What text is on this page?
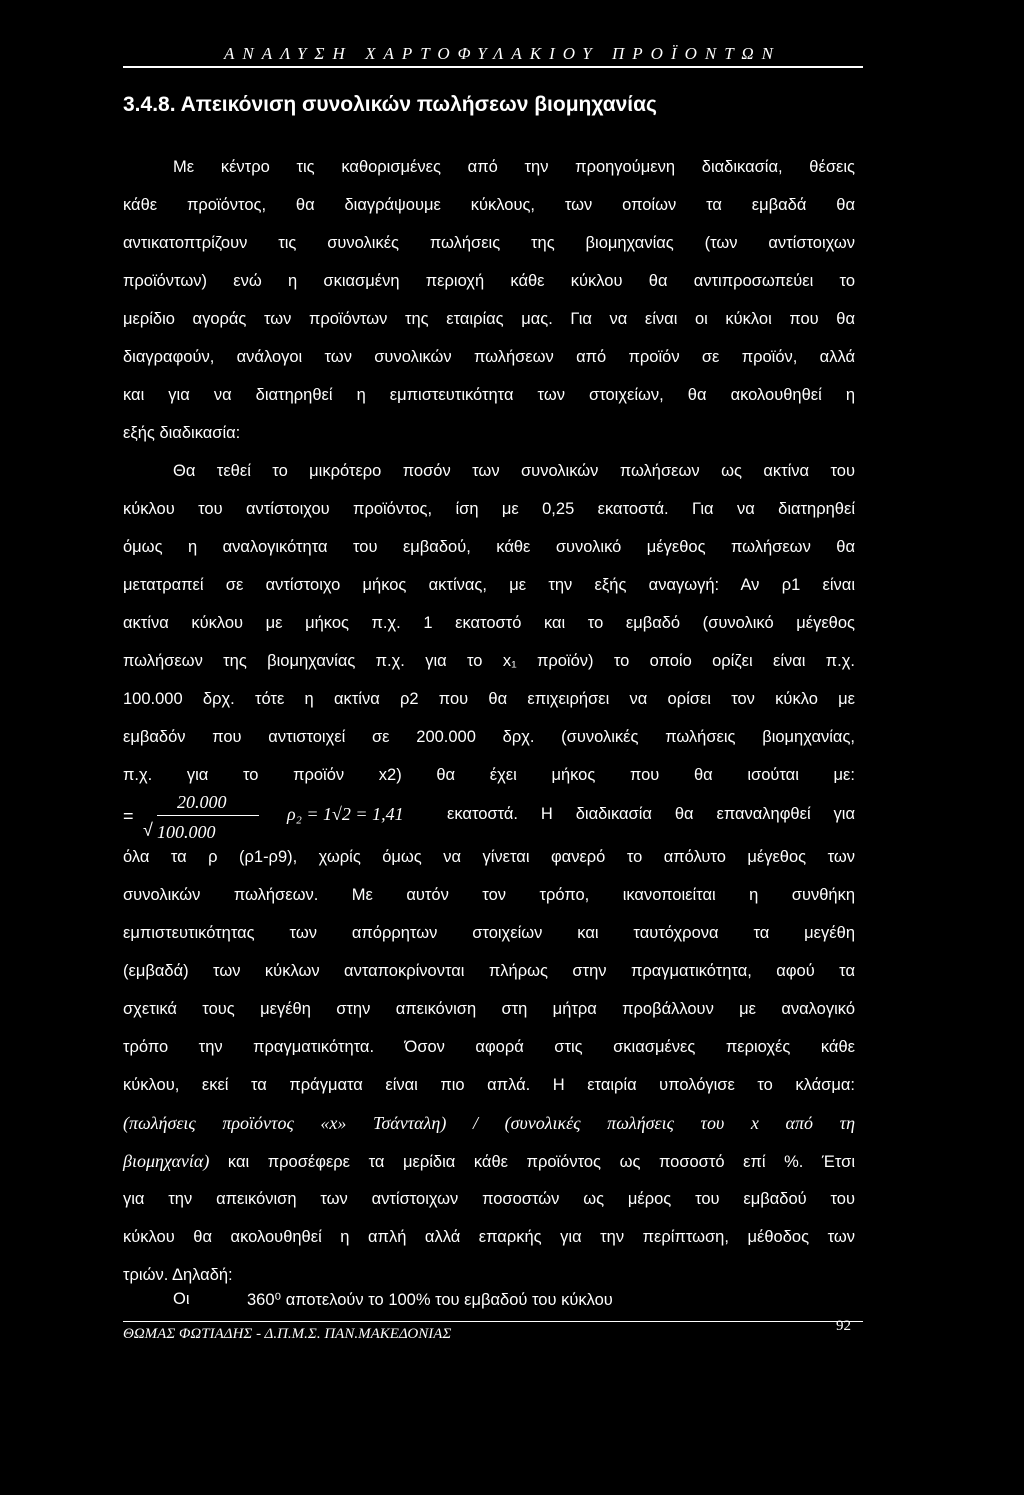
ΑΝΑΛΥΣΗ ΧΑΡΤΟΦΥΛΑΚΙΟΥ ΠΡΟΪΟΝΤΩΝ
3.4.8. Απεικόνιση συνολικών πωλήσεων βιομηχανίας
Με κέντρο τις καθορισμένες από την προηγούμενη διαδικασία, θέσεις
κάθε προϊόντος, θα διαγράψουμε κύκλους, των οποίων τα εμβαδά θα
αντικατοπτρίζουν τις συνολικές πωλήσεις της βιομηχανίας (των αντίστοιχων
προϊόντων) ενώ η σκιασμένη περιοχή κάθε κύκλου θα αντιπροσωπεύει το
μερίδιο αγοράς των προϊόντων της εταιρίας μας. Για να είναι οι κύκλοι που θα
διαγραφούν, ανάλογοι των συνολικών πωλήσεων από προϊόν σε προϊόν, αλλά
και για να διατηρηθεί η εμπιστευτικότητα των στοιχείων, θα ακολουθηθεί η
εξής διαδικασία:
Θα τεθεί το μικρότερο ποσόν των συνολικών πωλήσεων ως ακτίνα του
κύκλου του αντίστοιχου προϊόντος, ίση με 0,25 εκατοστά. Για να διατηρηθεί
όμως η αναλογικότητα του εμβαδού, κάθε συνολικό μέγεθος πωλήσεων θα
μετατραπεί σε αντίστοιχο μήκος ακτίνας, με την εξής αναγωγή: Αν ρ1 είναι
ακτίνα κύκλου με μήκος π.χ. 1 εκατοστό και το εμβαδό (συνολικό μέγεθος
πωλήσεων της βιομηχανίας π.χ. για το x₁ προϊόν) το οποίο ορίζει είναι π.χ.
100.000 δρχ. τότε η ακτίνα ρ2 που θα επιχειρήσει να ορίσει τον κύκλο με
εμβαδόν που αντιστοιχεί σε 200.000 δρχ. (συνολικές πωλήσεις βιομηχανίας,
π.χ. για το προϊόν x2) θα έχει μήκος που θα ισούται με:
=
20.000
√ 100.000
ρ₂ = 1√2 = 1,41	εκατοστά. Η διαδικασία θα επαναληφθεί για
όλα τα ρ (ρ1-ρ9), χωρίς όμως να γίνεται φανερό το απόλυτο μέγεθος των
συνολικών πωλήσεων. Με αυτόν τον τρόπο, ικανοποιείται η συνθήκη
εμπιστευτικότητας των απόρρητων στοιχείων και ταυτόχρονα τα μεγέθη
(εμβαδά) των κύκλων ανταποκρίνονται πλήρως στην πραγματικότητα, αφού τα
σχετικά τους μεγέθη στην απεικόνιση στη μήτρα προβάλλουν με αναλογικό
τρόπο την πραγματικότητα. Όσον αφορά στις σκιασμένες περιοχές κάθε
κύκλου, εκεί τα πράγματα είναι πιο απλά. Η εταιρία υπολόγισε το κλάσμα:
(πωλήσεις προϊόντος «x» Τσάνταλη) / (συνολικές πωλήσεις του x από τη
βιομηχανία) και προσέφερε τα μερίδια κάθε προϊόντος ως ποσοστό επί %. Έτσι
για την απεικόνιση των αντίστοιχων ποσοστών ως μέρος του εμβαδού του
κύκλου θα ακολουθηθεί η απλή αλλά επαρκής για την περίπτωση, μέθοδος των
τριών. Δηλαδή:
Οι	360⁰ αποτελούν το 100% του εμβαδού του κύκλου
ΘΩΜΑΣ ΦΩΤΙΑΔΗΣ - Δ.Π.Μ.Σ. ΠΑΝ.ΜΑΚΕΔΟΝΙΑΣ	92
